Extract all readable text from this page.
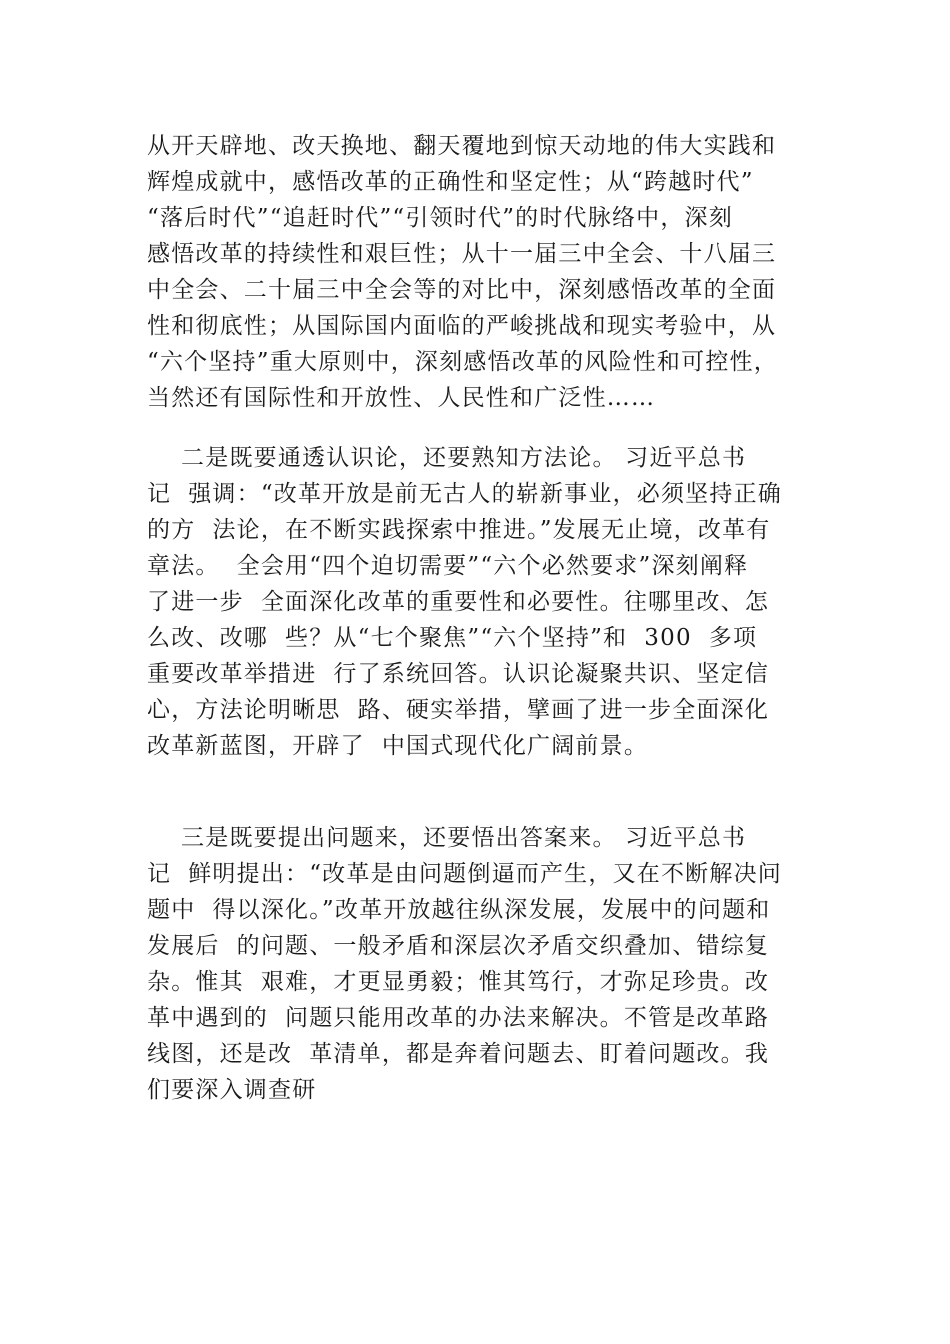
从开天辟地、改天换地、翻天覆地到惊天动地的伟大实践和
辉煌成就中，感悟改革的正确性和坚定性；从“跨越时代”
“落后时代”“追赶时代”“引领时代”的时代脉络中，深刻
感悟改革的持续性和艰巨性；从十一届三中全会、十八届三
中全会、二十届三中全会等的对比中，深刻感悟改革的全面
性和彻底性；从国际国内面临的严峻挑战和现实考验中，从
“六个坚持”重大原则中，深刻感悟改革的风险性和可控性，
当然还有国际性和开放性、人民性和广泛性……
二是既要通透认识论，还要熟知方法论。 习近平总书
记  强调：“改革开放是前无古人的崭新事业，必须坚持正确
的方  法论，在不断实践探索中推进。”发展无止境，改革有
章法。  全会用“四个迫切需要”“六个必然要求”深刻阐释
了进一步  全面深化改革的重要性和必要性。往哪里改、怎
么改、改哪  些？从“七个聚焦”“六个坚持”和  300  多项
重要改革举措进  行了系统回答。认识论凝聚共识、坚定信
心，方法论明晰思  路、硬实举措，擘画了进一步全面深化
改革新蓝图，开辟了  中国式现代化广阔前景。
三是既要提出问题来，还要悟出答案来。 习近平总书
记  鲜明提出：“改革是由问题倒逼而产生，又在不断解决问
题中  得以深化。”改革开放越往纵深发展，发展中的问题和
发展后  的问题、一般矛盾和深层次矛盾交织叠加、错综复
杂。惟其  艰难，才更显勇毅；惟其笃行，才弥足珍贵。改
革中遇到的  问题只能用改革的办法来解决。不管是改革路
线图，还是改  革清单，都是奔着问题去、盯着问题改。我
们要深入调查研
